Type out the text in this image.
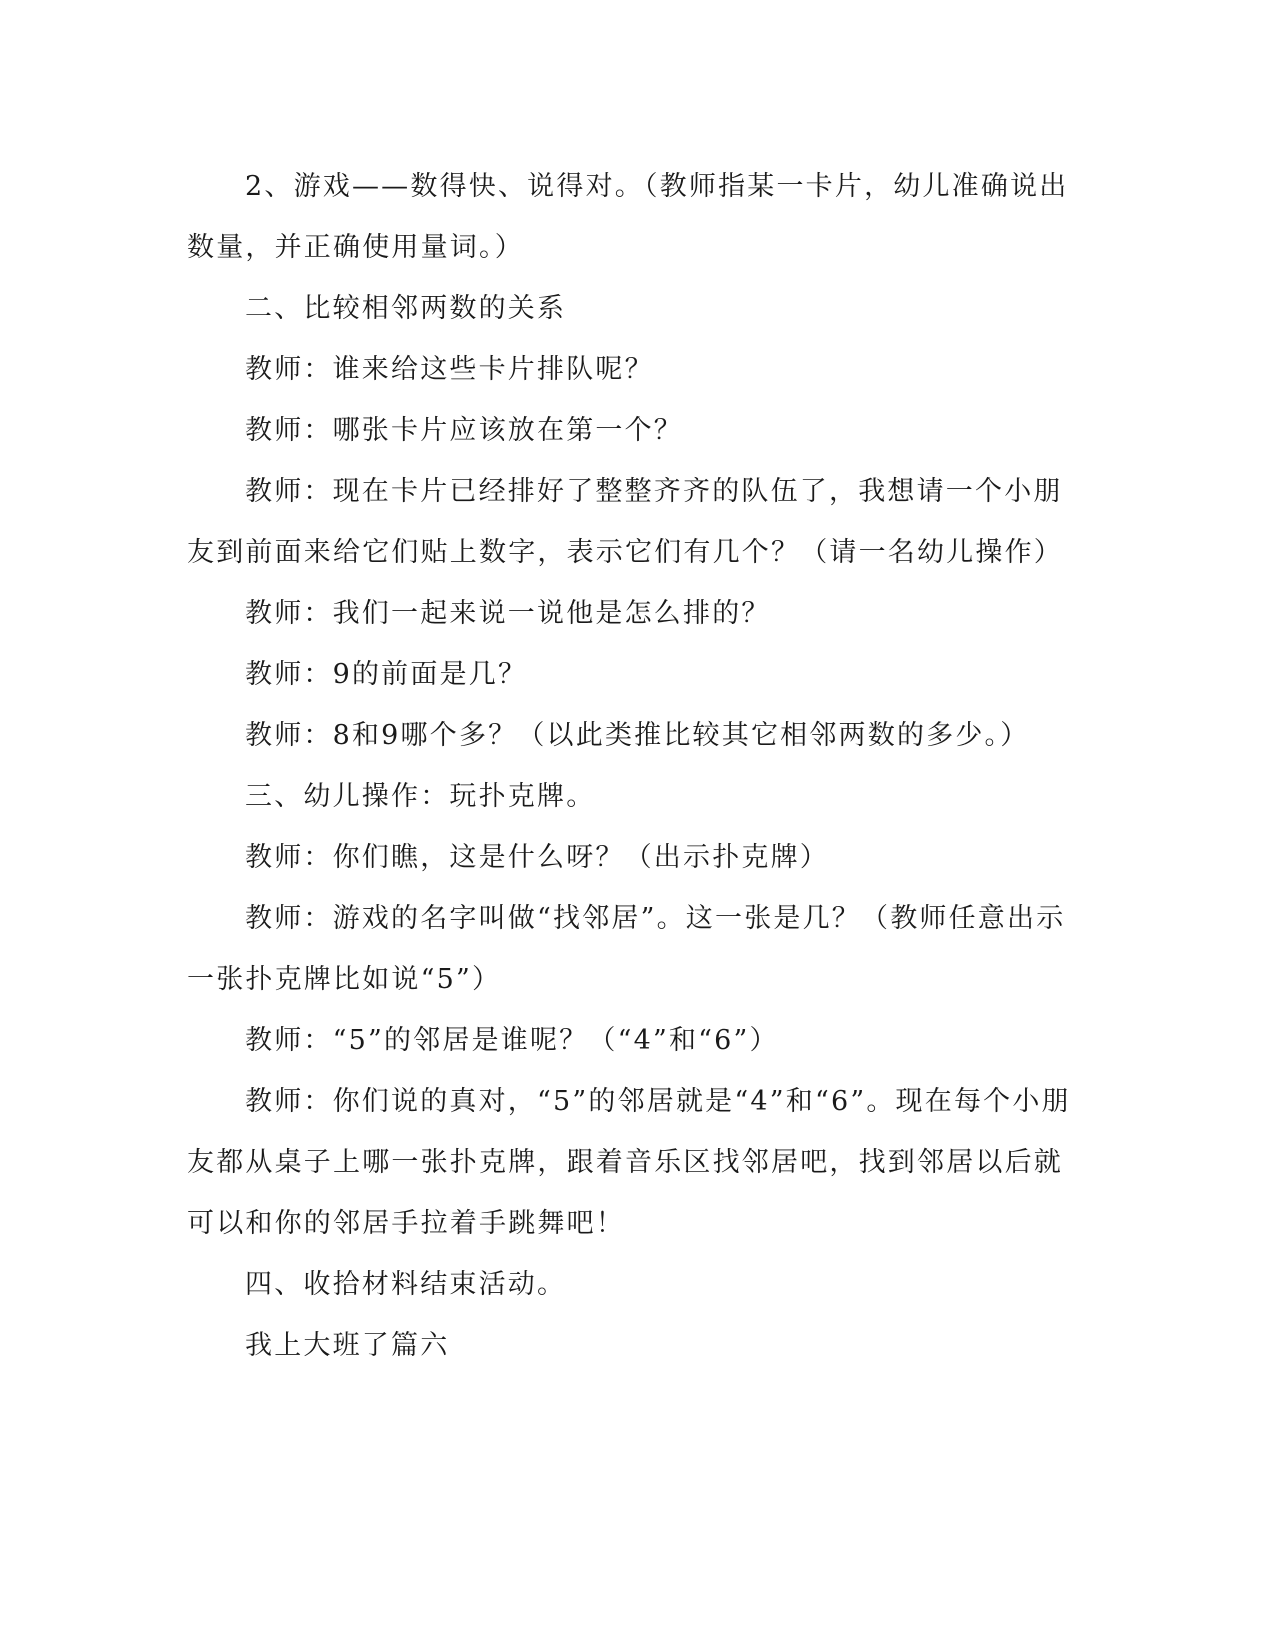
2、游戏——数得快、说得对。（教师指某一卡片，幼儿准确说出数量，并正确使用量词。）

二、比较相邻两数的关系

教师：谁来给这些卡片排队呢？

教师：哪张卡片应该放在第一个？

教师：现在卡片已经排好了整整齐齐的队伍了，我想请一个小朋友到前面来给它们贴上数字，表示它们有几个？（请一名幼儿操作）

教师：我们一起来说一说他是怎么排的？

教师：9的前面是几？

教师：8和9哪个多？（以此类推比较其它相邻两数的多少。）

三、幼儿操作：玩扑克牌。

教师：你们瞧，这是什么呀？（出示扑克牌）

教师：游戏的名字叫做“找邻居”。这一张是几？（教师任意出示一张扑克牌比如说“5”）

教师：“5”的邻居是谁呢？（“4”和“6”）

教师：你们说的真对，“5”的邻居就是“4”和“6”。现在每个小朋友都从桌子上哪一张扑克牌，跟着音乐区找邻居吧，找到邻居以后就可以和你的邻居手拉着手跳舞吧！

四、收拾材料结束活动。

我上大班了篇六
